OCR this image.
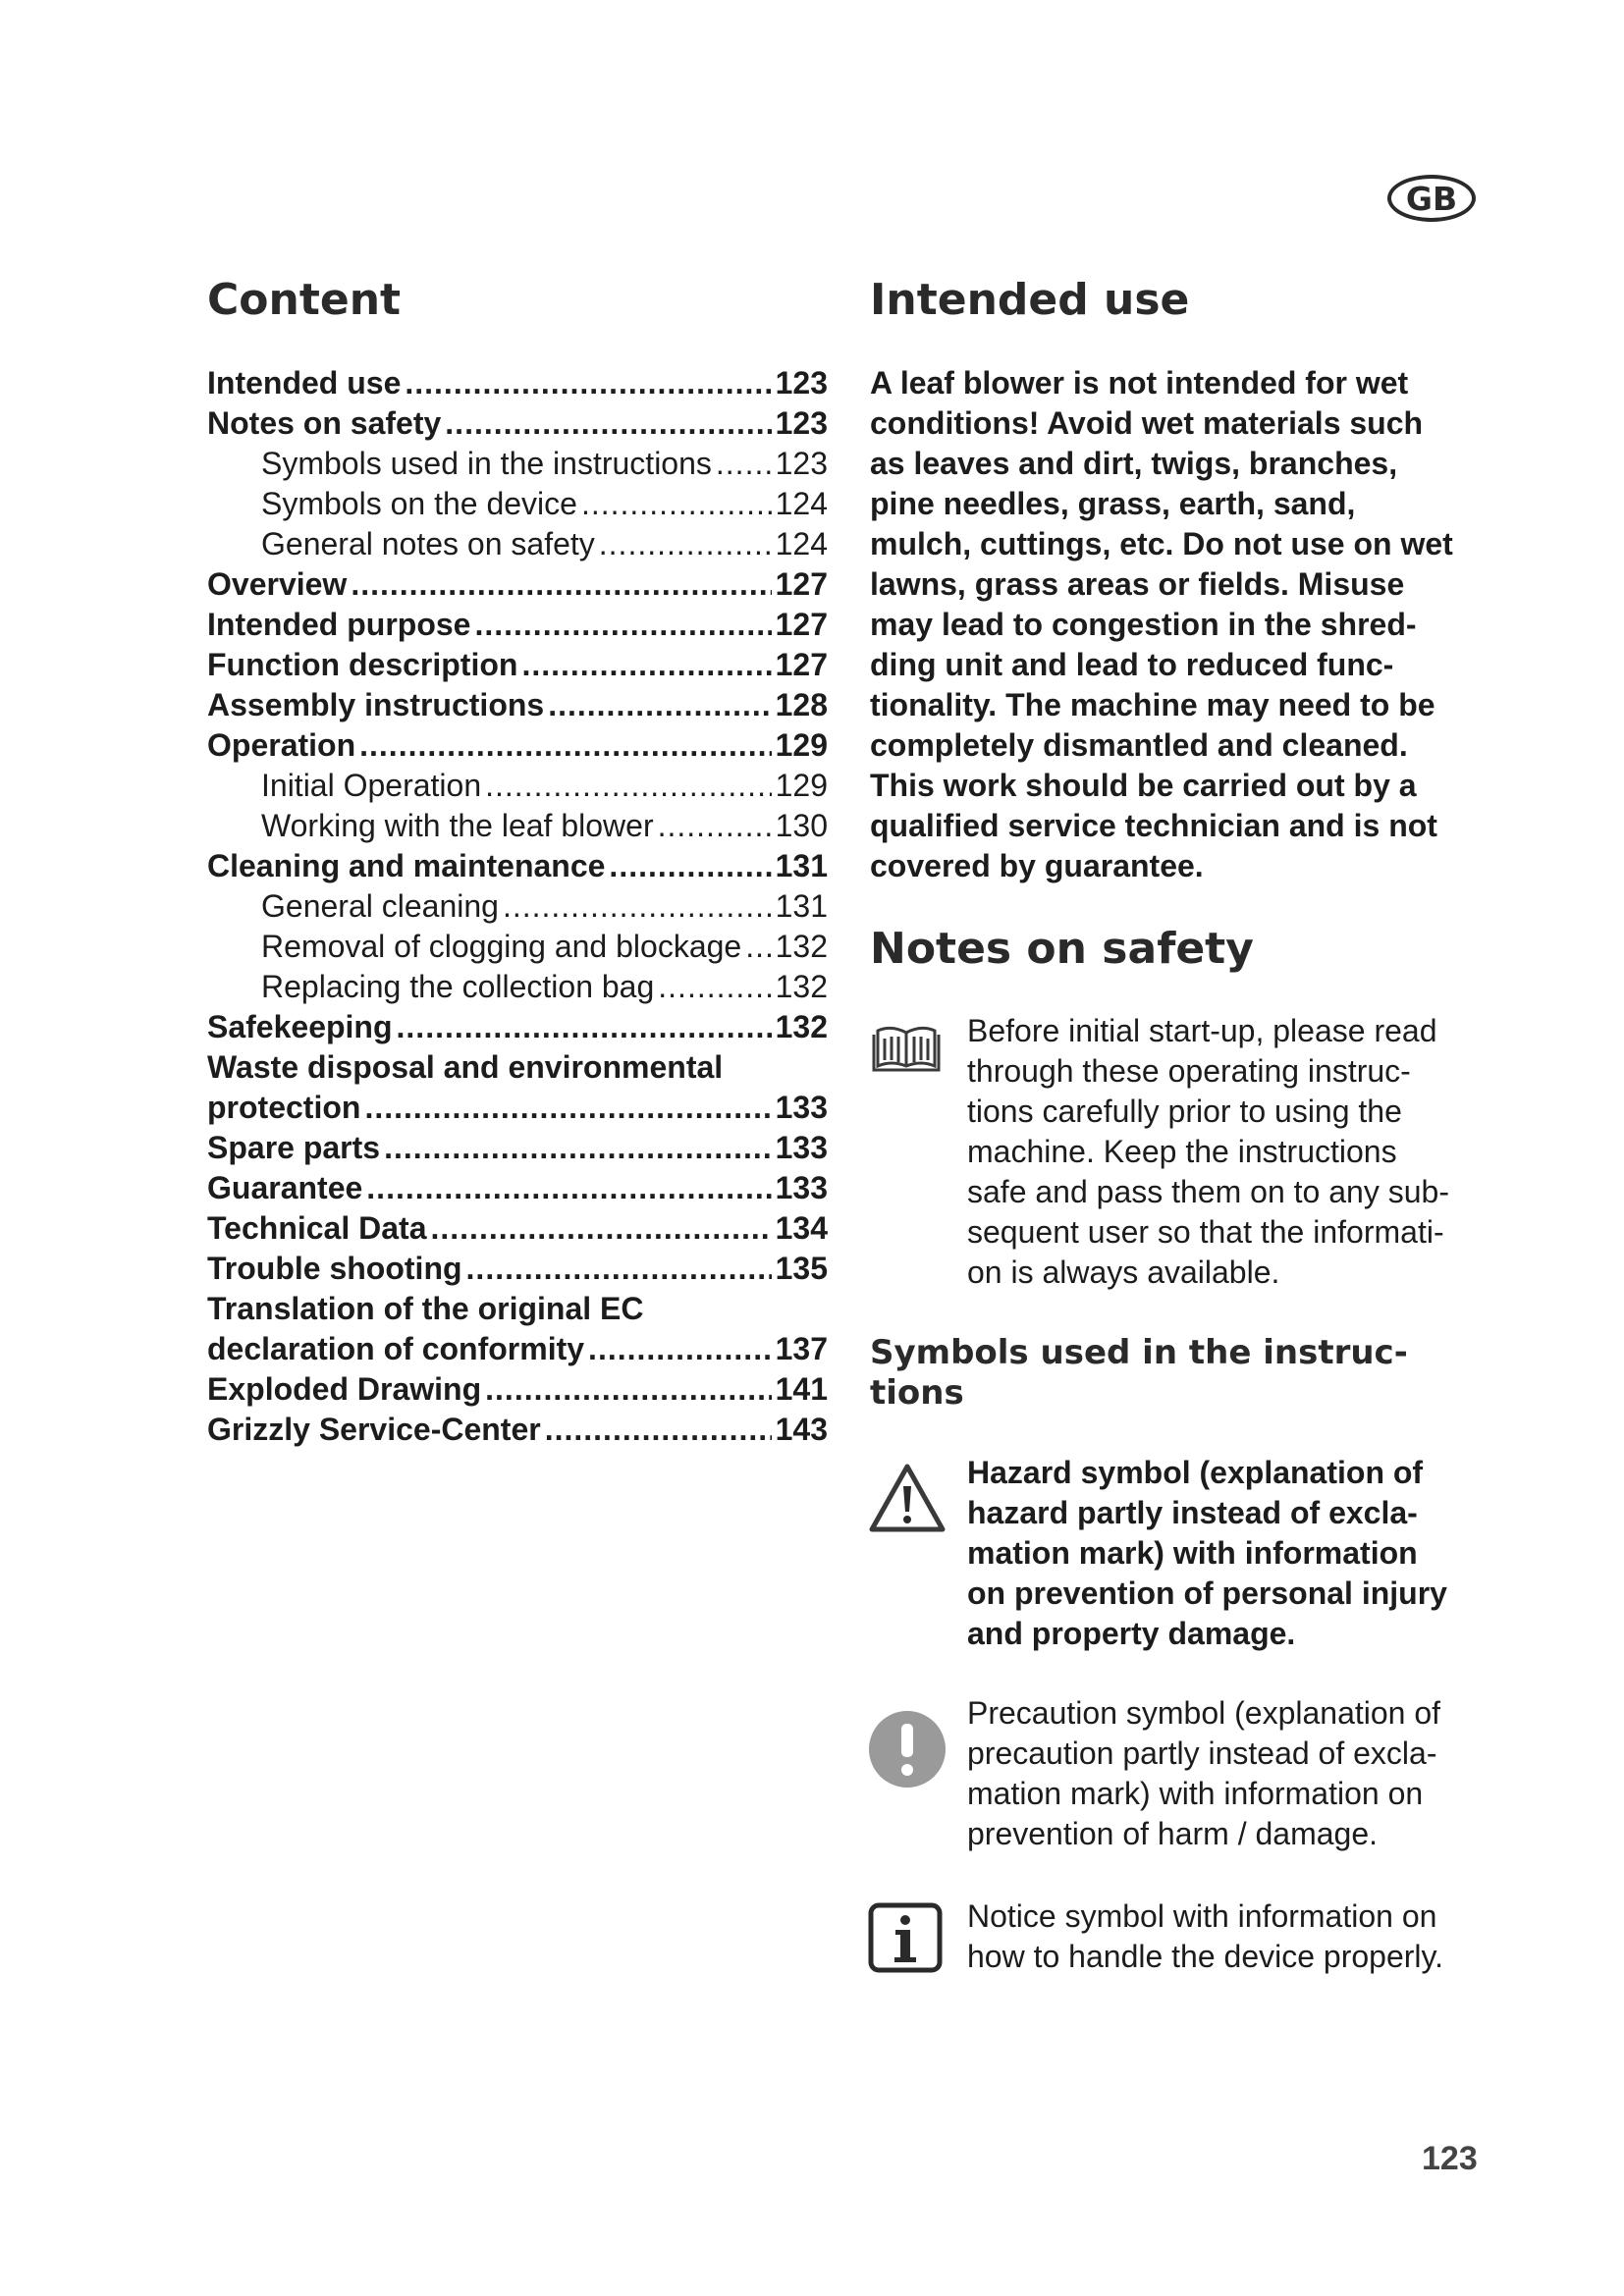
GB
Content
Intended use .....	123
Notes on safety .....	123
Symbols used in the instructions ..... 123
Symbols on the device .....	124
General notes on safety .....	124
Overview .....	127
Intended purpose .....	127
Function description .....	127
Assembly instructions .....	128
Operation .....	129
Initial Operation .....	129
Working with the leaf blower .....	130
Cleaning and maintenance .....	131
General cleaning .....	131
Removal of clogging and blockage ..... 132
Replacing the collection bag .....	132
Safekeeping .....	132
Waste disposal and environmental
protection .....	133
Spare parts .....	133
Guarantee .....	133
Technical Data .....	134
Trouble shooting .....	135
Translation of the original EC
declaration of conformity .....	137
Exploded Drawing .....	141
Grizzly Service-Center .....	143
Intended use
A leaf blower is not intended for wet
conditions! Avoid wet materials such
as leaves and dirt, twigs, branches,
pine needles, grass, earth, sand,
mulch, cuttings, etc. Do not use on wet
lawns, grass areas or fields. Misuse
may lead to congestion in the shred-
ding unit and lead to reduced func-
tionality. The machine may need to be
completely dismantled and cleaned.
This work should be carried out by a
qualified service technician and is not
covered by guarantee.
Notes on safety
Before initial start-up, please read
through these operating instruc-
tions carefully prior to using the
machine. Keep the instructions
safe and pass them on to any sub-
sequent user so that the informati-
on is always available.
Symbols used in the instruc-
tions
Hazard symbol (explanation of
hazard partly instead of excla-
mation mark) with information
on prevention of personal injury
and property damage.
Precaution symbol (explanation of
precaution partly instead of excla-
mation mark) with information on
prevention of harm / damage.
Notice symbol with information on
how to handle the device properly.
123
